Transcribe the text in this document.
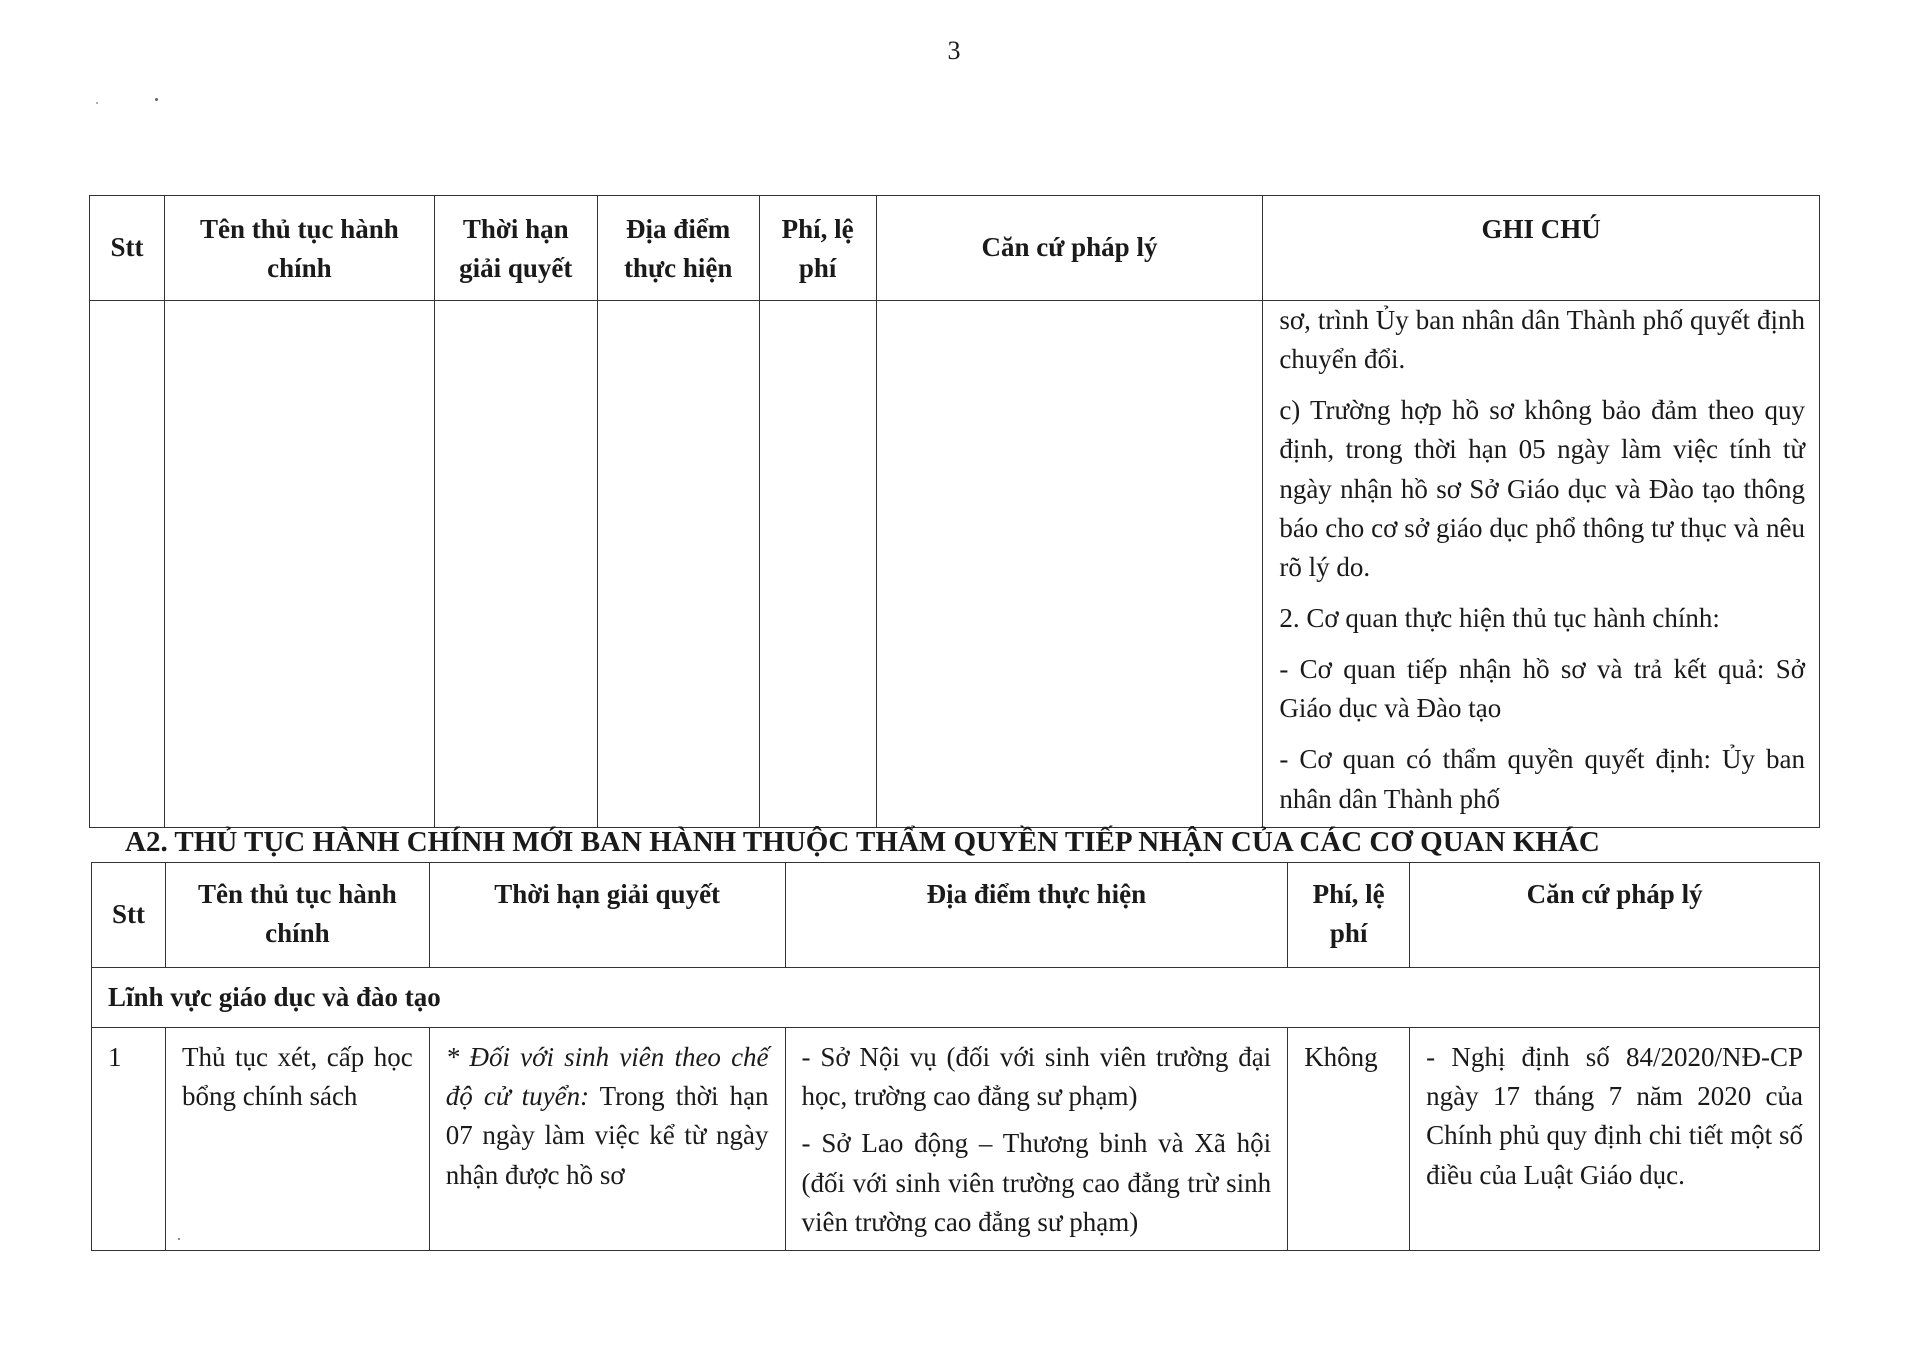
3
Stt	Tên thủ tục hành chính	Thời hạn giải quyết	Địa điểm thực hiện	Phí, lệ phí	Căn cứ pháp lý	GHI CHÚ

						sơ, trình Ủy ban nhân dân Thành phố quyết định chuyển đổi.

c) Trường hợp hồ sơ không bảo đảm theo quy định, trong thời hạn 05 ngày làm việc tính từ ngày nhận hồ sơ Sở Giáo dục và Đào tạo thông báo cho cơ sở giáo dục phổ thông tư thục và nêu rõ lý do.

2. Cơ quan thực hiện thủ tục hành chính:

- Cơ quan tiếp nhận hồ sơ và trả kết quả: Sở Giáo dục và Đào tạo

- Cơ quan có thẩm quyền quyết định: Ủy ban nhân dân Thành phố

A2. THỦ TỤC HÀNH CHÍNH MỚI BAN HÀNH THUỘC THẨM QUYỀN TIẾP NHẬN CỦA CÁC CƠ QUAN KHÁC
Stt	Tên thủ tục hành chính	Thời hạn giải quyết	Địa điểm thực hiện	Phí, lệ phí	Căn cứ pháp lý
Lĩnh vực giáo dục và đào tạo					
1	Thủ tục xét, cấp học bổng chính sách	* Đối với sinh viên theo chế độ cử tuyển: Trong thời hạn 07 ngày làm việc kể từ ngày nhận được hồ sơ	- Sở Nội vụ (đối với sinh viên trường đại học, trường cao đẳng sư phạm)

- Sở Lao động – Thương binh và Xã hội (đối với sinh viên trường cao đẳng trừ sinh viên trường cao đẳng sư phạm)	Không	- Nghị định số 84/2020/NĐ-CP ngày 17 tháng 7 năm 2020 của Chính phủ quy định chi tiết một số điều của Luật Giáo dục.
